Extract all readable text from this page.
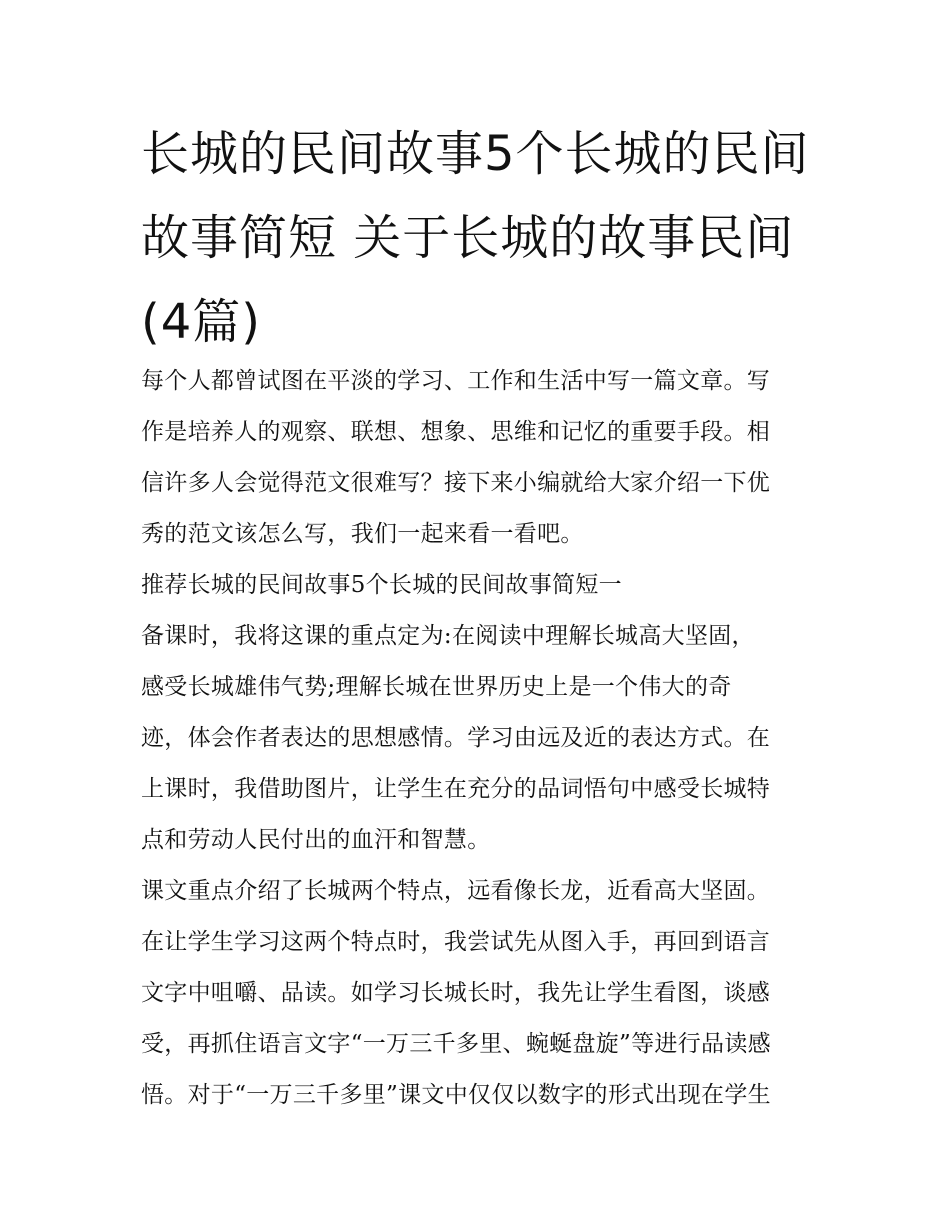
长城的民间故事5个长城的民间故事简短 关于长城的故事民间(4篇)
每个人都曾试图在平淡的学习、工作和生活中写一篇文章。写
作是培养人的观察、联想、想象、思维和记忆的重要手段。相
信许多人会觉得范文很难写？接下来小编就给大家介绍一下优
秀的范文该怎么写，我们一起来看一看吧。
推荐长城的民间故事5个长城的民间故事简短一
备课时，我将这课的重点定为:在阅读中理解长城高大坚固，
感受长城雄伟气势;理解长城在世界历史上是一个伟大的奇
迹，体会作者表达的思想感情。学习由远及近的表达方式。在
上课时，我借助图片，让学生在充分的品词悟句中感受长城特
点和劳动人民付出的血汗和智慧。
课文重点介绍了长城两个特点，远看像长龙，近看高大坚固。
在让学生学习这两个特点时，我尝试先从图入手，再回到语言
文字中咀嚼、品读。如学习长城长时，我先让学生看图，谈感
受，再抓住语言文字“一万三千多里、蜿蜒盘旋”等进行品读感
悟。对于“一万三千多里”课文中仅仅以数字的形式出现在学生
